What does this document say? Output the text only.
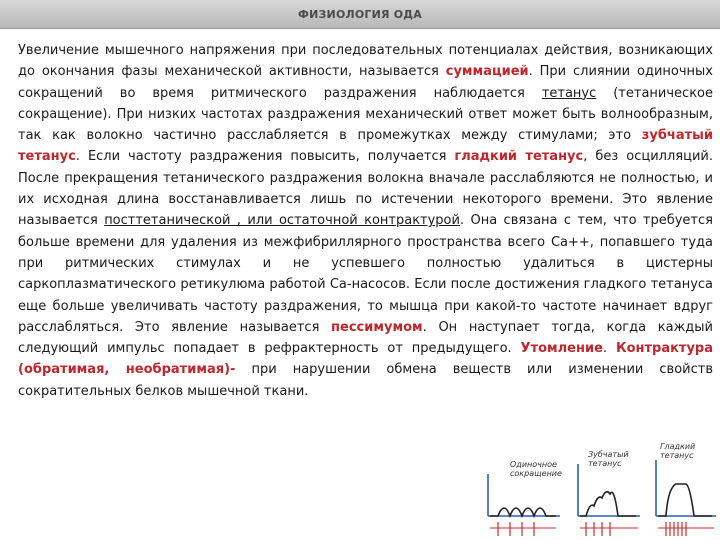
ФИЗИОЛОГИЯ ОДА
Увеличение мышечного напряжения при последовательных потенциалах действия, возникающих до окончания фазы механической активности, называется суммацией. При слиянии одиночных сокращений во время ритмического раздражения наблюдается тетанус (тетаническое сокращение). При низких частотах раздражения механический ответ может быть волнообразным, так как волокно частично расслабляется в промежутках между стимулами; это зубчатый тетанус. Если частоту раздражения повысить, получается гладкий тетанус, без осцилляций. После прекращения тетанического раздражения волокна вначале расслабляются не полностью, и их исходная длина восстанавливается лишь по истечении некоторого времени. Это явление называется посттетанической , или остаточной контрактурой. Она связана с тем, что требуется больше времени для удаления из межфибриллярного пространства всего Ca++, попавшего туда при ритмических стимулах и не успевшего полностью удалиться в цистерны саркоплазматического ретикулюма работой Ca-насосов. Если после достижения гладкого тетануса еще больше увеличивать частоту раздражения, то мышца при какой-то частоте начинает вдруг расслабляться. Это явление называется пессимумом. Он наступает тогда, когда каждый следующий импульс попадает в рефрактерность от предыдущего. Утомление. Контрактура (обратимая, необратимая)- при нарушении обмена веществ или изменении свойств сократительных белков мышечной ткани.
Одиночное сокращение
Зубчатый тетанус
Гладкий тетанус
